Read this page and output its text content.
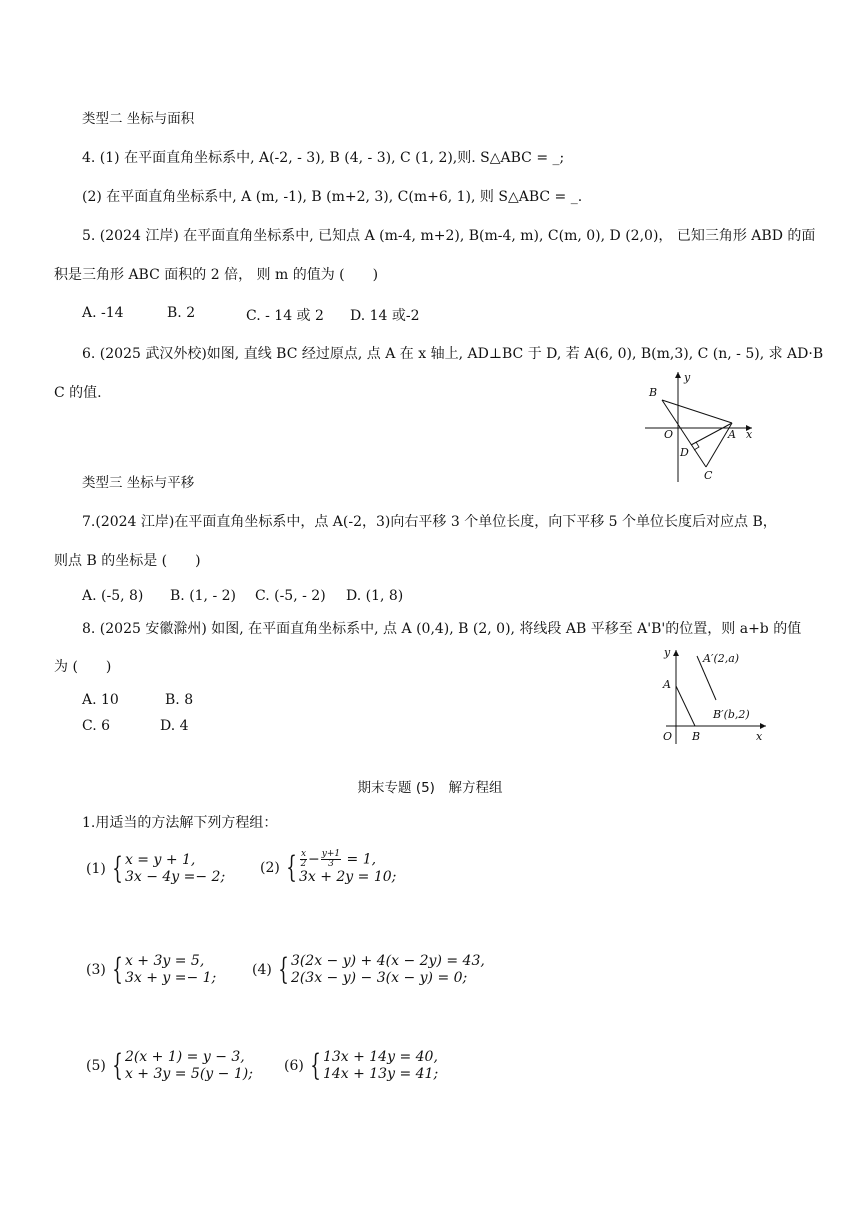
类型二 坐标与面积
4. (1) 在平面直角坐标系中, A(-2, - 3), B (4, - 3), C (1, 2),则. S△ABC = _;
(2) 在平面直角坐标系中, A (m, -1), B (m+2, 3), C(m+6, 1), 则 S△ABC = _.
5. (2024 江岸) 在平面直角坐标系中, 已知点 A (m-4, m+2), B(m-4, m), C(m, 0), D (2,0)， 已知三角形 ABD 的面
积是三角形 ABC 面积的 2 倍， 则 m 的值为 (　　)
A. -14	B. 2	C. - 14 或 2 D. 14 或-2
6. (2025 武汉外校)如图, 直线 BC 经过原点, 点 A 在 x 轴上, AD⊥BC 于 D, 若 A(6, 0), B(m,3), C (n, - 5), 求 AD·B
C 的值.	B
y
O	A x
D
C
类型三 坐标与平移
7.(2024 江岸)在平面直角坐标系中，点 A(-2，3)向右平移 3 个单位长度，向下平移 5 个单位长度后对应点 B，
则点 B 的坐标是 (　　)
A. (-5, 8) B. (1, - 2) C. (-5, - 2) D. (1, 8)
8. (2025 安徽滁州) 如图, 在平面直角坐标系中, 点 A (0,4), B (2, 0), 将线段 AB 平移至 A'B'的位置，则 a+b 的值
为 (　　)
A. 10	B. 8
C. 6	D. 4
y
A
A′(2,a)
B′(b,2)
O B	x
期末专题 (5)　解方程组
1.用适当的方法解下列方程组：
(1) { x = y + 1,
3x − 4y =− 2;
(2) { $\frac{x}{2} - \frac{y+1}{3} = 1$,
3x + 2y = 10;
(3) { x + 3y = 5,
3x + y =− 1;	(4) { 3(2x − y) + 4(x − 2y) = 43,
2(3x − y) − 3(x − y) = 0;
(5) { 2(x + 1) = y − 3,
x + 3y = 5(y − 1); (6) { 13x + 14y = 40,
14x + 13y = 41;
